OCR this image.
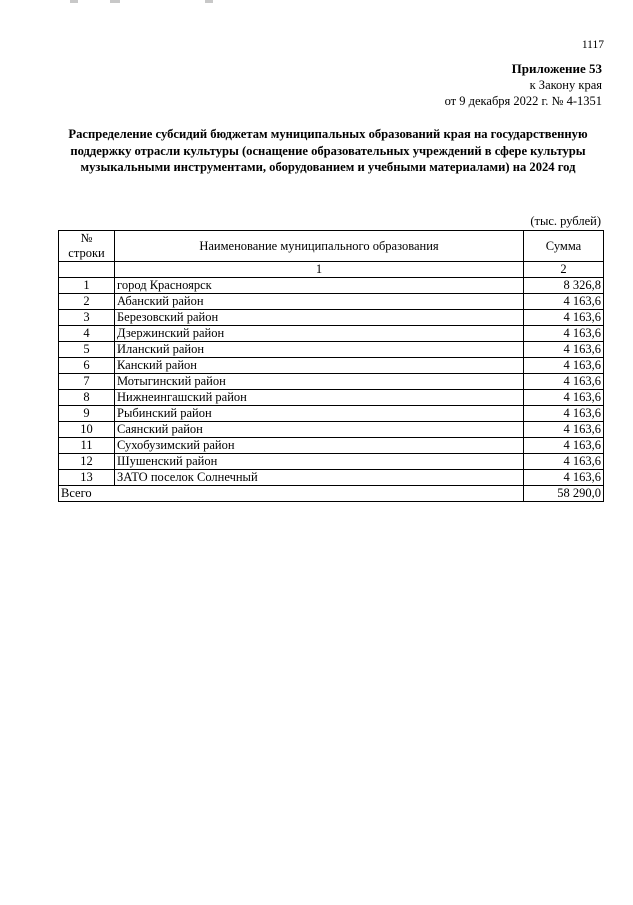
1117
Приложение 53
к Закону края
от 9 декабря 2022 г. № 4-1351
Распределение субсидий бюджетам муниципальных образований края на государственную
поддержку отрасли культуры (оснащение образовательных учреждений в сфере культуры
музыкальными инструментами, оборудованием и учебными материалами) на 2024 год
(тыс. рублей)
№
строки	Наименование муниципального образования	Сумма
	1	2
1	город Красноярск	8 326,8
2	Абанский район	4 163,6
3	Березовский район	4 163,6
4	Дзержинский район	4 163,6
5	Иланский район	4 163,6
6	Канский район	4 163,6
7	Мотыгинский район	4 163,6
8	Нижнеингашский район	4 163,6
9	Рыбинский район	4 163,6
10	Саянский район	4 163,6
11	Сухобузимский район	4 163,6
12	Шушенский район	4 163,6
13	ЗАТО поселок Солнечный	4 163,6
Всего		58 290,0
